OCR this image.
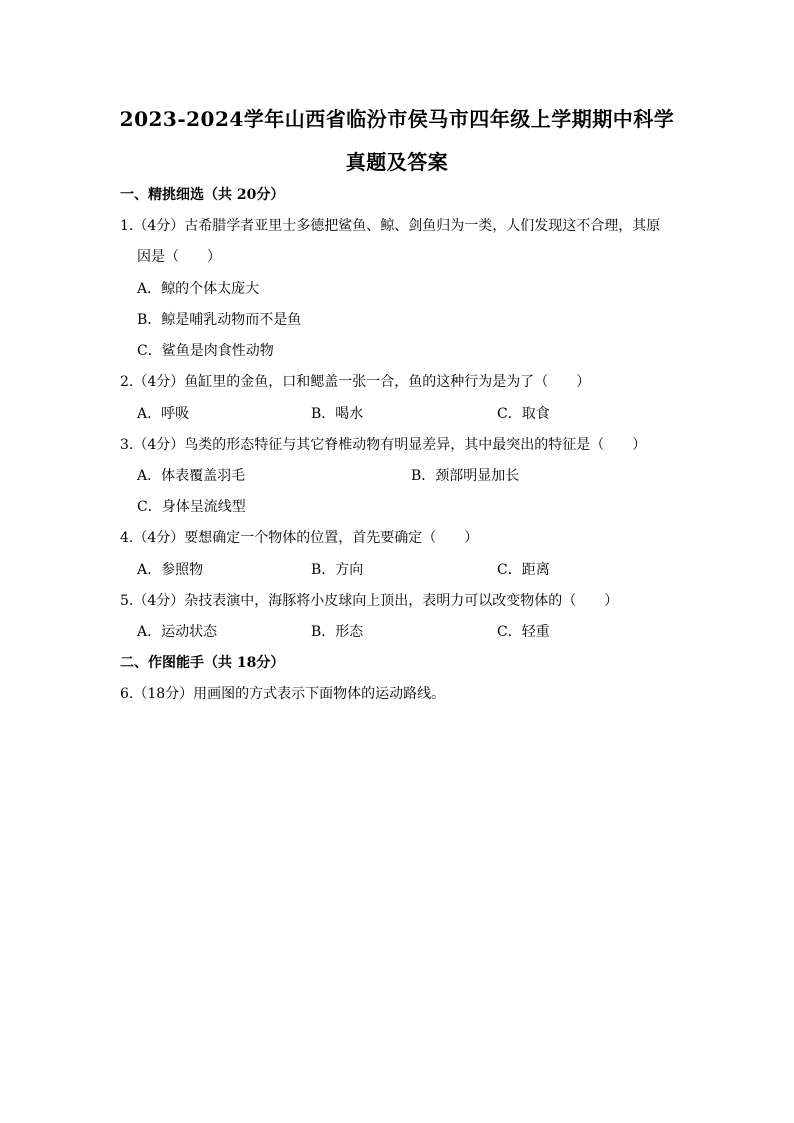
2023-2024学年山西省临汾市侯马市四年级上学期期中科学
真题及答案
一、精挑细选（共 20分）
1.（4分）古希腊学者亚里士多德把鲨鱼、鲸、剑鱼归为一类，人们发现这不合理，其原
因是（　　）
A．鲸的个体太庞大
B．鲸是哺乳动物而不是鱼
C．鲨鱼是肉食性动物
2.（4分）鱼缸里的金鱼，口和鳃盖一张一合，鱼的这种行为是为了（　　）
A．呼吸	B．喝水	C．取食
3.（4分）鸟类的形态特征与其它脊椎动物有明显差异，其中最突出的特征是（　　）
A．体表覆盖羽毛	B．颈部明显加长
C．身体呈流线型
4.（4分）要想确定一个物体的位置，首先要确定（　　）
A．参照物	B．方向	C．距离
5.（4分）杂技表演中，海豚将小皮球向上顶出，表明力可以改变物体的（　　）
A．运动状态	B．形态	C．轻重
二、作图能手（共 18分）
6.（18分）用画图的方式表示下面物体的运动路线。
